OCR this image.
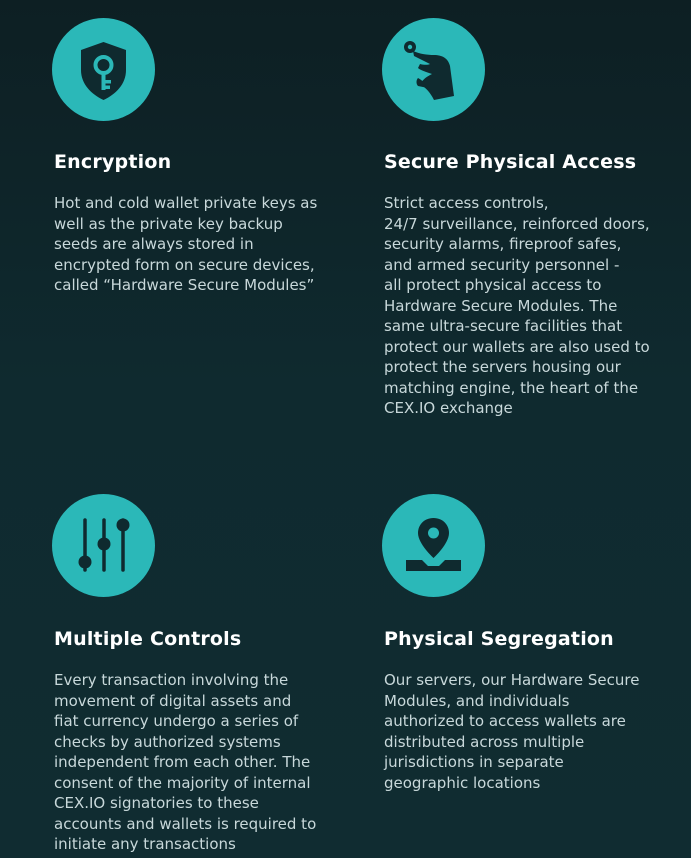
Encryption
Hot and cold wallet private keys as
well as the private key backup
seeds are always stored in
encrypted form on secure devices,
called “Hardware Secure Modules”
Secure Physical Access
Strict access controls,
24/7 surveillance, reinforced doors,
security alarms, fireproof safes,
and armed security personnel -
all protect physical access to
Hardware Secure Modules. The
same ultra-secure facilities that
protect our wallets are also used to
protect the servers housing our
matching engine, the heart of the
CEX.IO exchange
Multiple Controls
Every transaction involving the
movement of digital assets and
fiat currency undergo a series of
checks by authorized systems
independent from each other. The
consent of the majority of internal
CEX.IO signatories to these
accounts and wallets is required to
initiate any transactions
Physical Segregation
Our servers, our Hardware Secure
Modules, and individuals
authorized to access wallets are
distributed across multiple
jurisdictions in separate
geographic locations
